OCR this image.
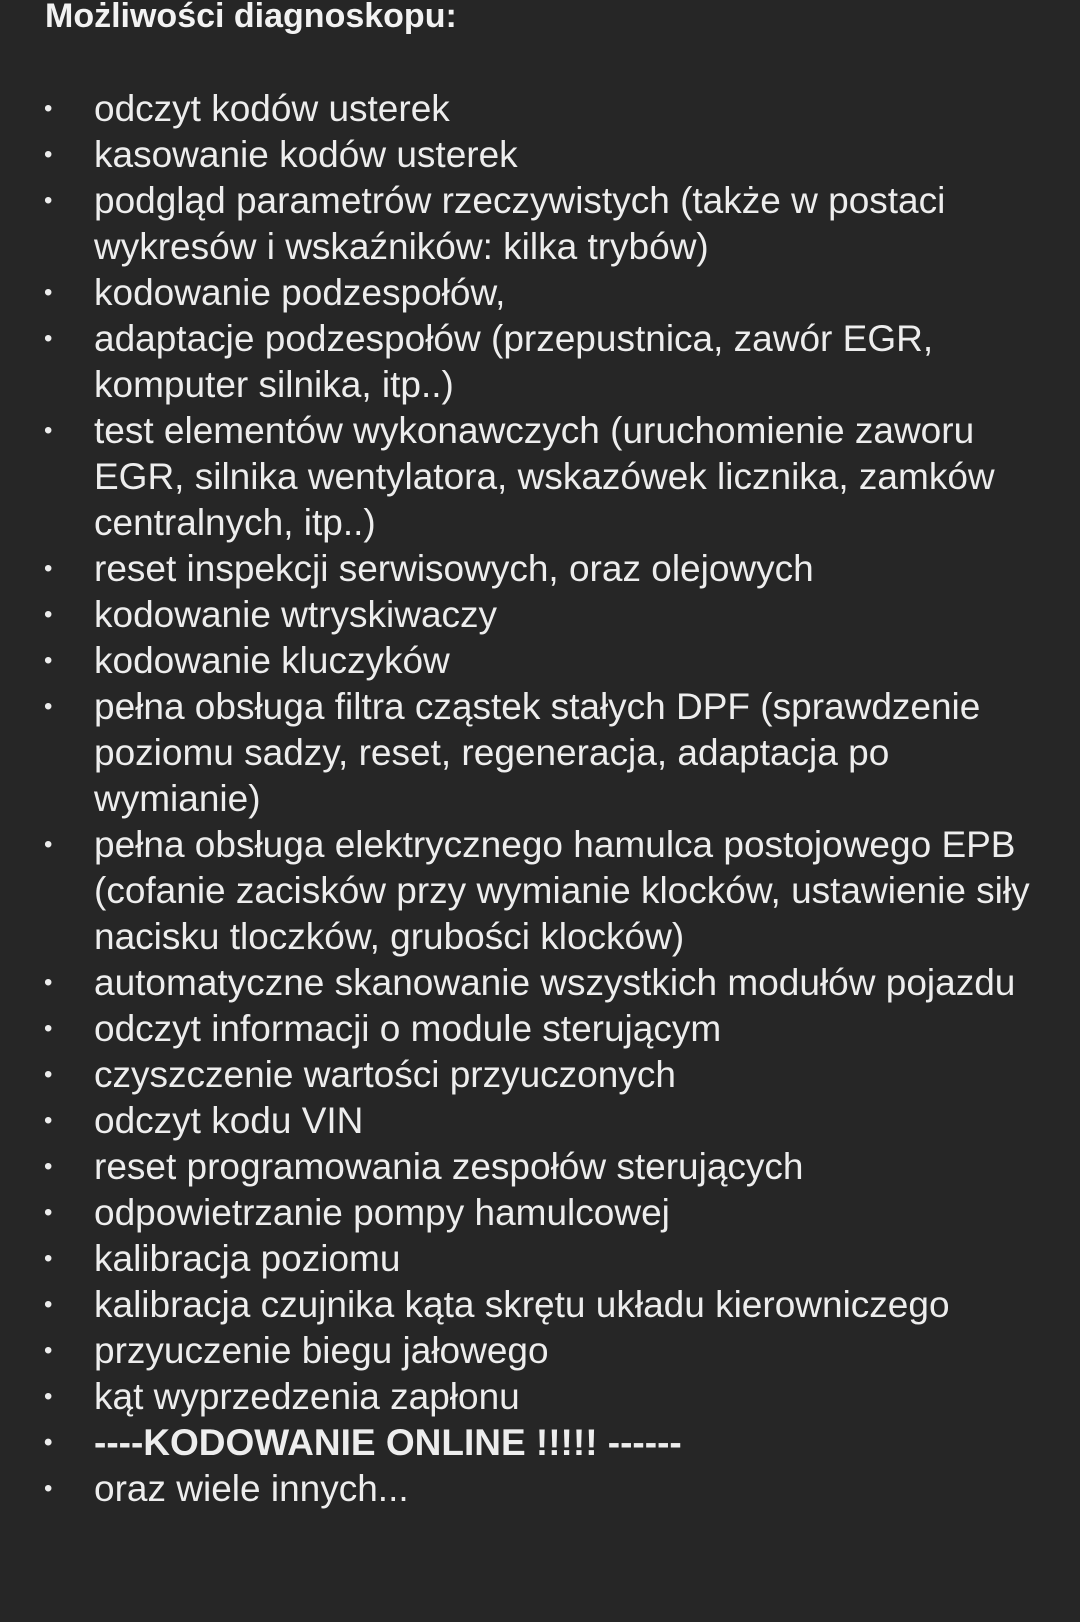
Możliwości diagnoskopu:
• odczyt kodów usterek
• kasowanie kodów usterek
• podgląd parametrów rzeczywistych (także w postaci wykresów i wskaźników: kilka trybów)
• kodowanie podzespołów,
• adaptacje podzespołów (przepustnica, zawór EGR, komputer silnika, itp..)
• test elementów wykonawczych (uruchomienie zaworu EGR, silnika wentylatora, wskazówek licznika, zamków centralnych, itp..)
• reset inspekcji serwisowych, oraz olejowych
• kodowanie wtryskiwaczy
• kodowanie kluczyków
• pełna obsługa filtra cząstek stałych DPF (sprawdzenie poziomu sadzy, reset, regeneracja, adaptacja po wymianie)
• pełna obsługa elektrycznego hamulca postojowego EPB (cofanie zacisków przy wymianie klocków, ustawienie siły nacisku tloczków, grubości klocków)
• automatyczne skanowanie wszystkich modułów pojazdu
• odczyt informacji o module sterującym
• czyszczenie wartości przyuczonych
• odczyt kodu VIN
• reset programowania zespołów sterujących
• odpowietrzanie pompy hamulcowej
• kalibracja poziomu
• kalibracja czujnika kąta skrętu układu kierowniczego
• przyuczenie biegu jałowego
• kąt wyprzedzenia zapłonu
• ----KODOWANIE ONLINE !!!!! ------
• oraz wiele innych...
